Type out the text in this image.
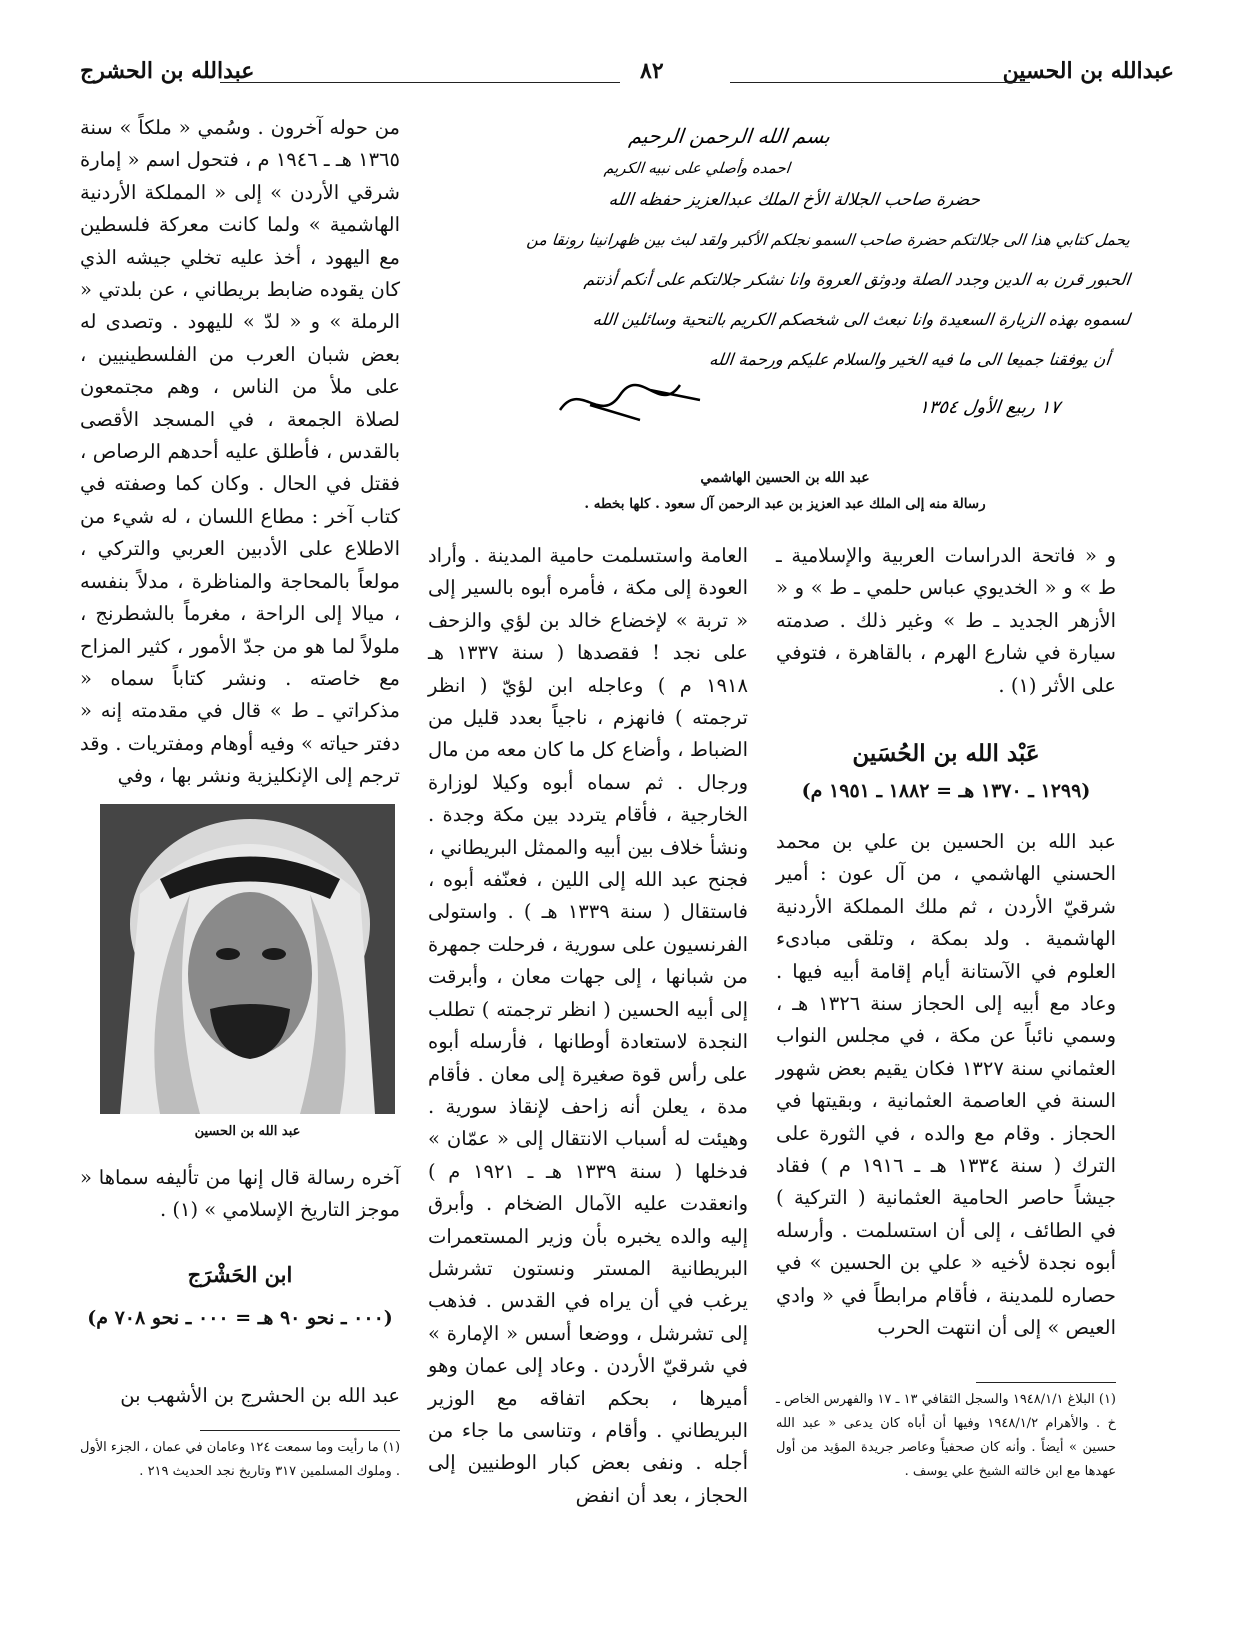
عبدالله بن الحسين
٨٢
عبدالله بن الحشرج
بسم الله الرحمن الرحيم
احمده وأصلي على نبيه الكريم
حضرة صاحب الجلالة الأخ الملك عبدالعزيز حفظه الله
يحمل كتابي هذا الى جلالتكم حضرة صاحب السمو نجلكم الأكبر ولقد لبث بين ظهرانينا رونقا من
الحبور قرن به الدين وجدد الصلة ودوثق العروة وانا نشكر جلالتكم على أنكم أذنتم
لسموه بهذه الزيارة السعيدة وانا نبعث الى شخصكم الكريم بالتحية وسائلين الله
أن يوفقنا جميعا الى ما فيه الخير والسلام عليكم ورحمة الله
١٧ ربيع الأول ١٣٥٤
عبد الله بن الحسين الهاشمي
رسالة منه إلى الملك عبد العزيز بن عبد الرحمن آل سعود . كلها بخطه .

من حوله آخرون . وسُمي « ملكاً » سنة ١٣٦٥ هـ ـ ١٩٤٦ م ، فتحول اسم « إمارة شرقي الأردن » إلى « المملكة الأردنية الهاشمية » ولما كانت معركة فلسطين مع اليهود ، أخذ عليه تخلي جيشه الذي كان يقوده ضابط بريطاني ، عن بلدتي « الرملة » و « لدّ » لليهود . وتصدى له بعض شبان العرب من الفلسطينيين ، على ملأ من الناس ، وهم مجتمعون لصلاة الجمعة ، في المسجد الأقصى بالقدس ، فأطلق عليه أحدهم الرصاص ، فقتل في الحال . وكان كما وصفته في كتاب آخر : مطاع اللسان ، له شيء من الاطلاع على الأدبين العربي والتركي ، مولعاً بالمحاجة والمناظرة ، مدلاً بنفسه ، ميالا إلى الراحة ، مغرماً بالشطرنج ، ملولاً لما هو من جدّ الأمور ، كثير المزاح مع خاصته . ونشر كتاباً سماه « مذكراتي ـ ط » قال في مقدمته إنه « دفتر حياته » وفيه أوهام ومفتريات . وقد ترجم إلى الإنكليزية ونشر بها ، وفي

عبد الله بن الحسين

آخره رسالة قال إنها من تأليفه سماها « موجز التاريخ الإسلامي » (١) .

ابن الحَشْرَج
(٠٠٠ ـ نحو ٩٠ هـ = ٠٠٠ ـ نحو ٧٠٨ م)

عبد الله بن الحشرج بن الأشهب بن

(١) ما رأيت وما سمعت ١٢٤ وعامان في عمان ، الجزء الأول . وملوك المسلمين ٣١٧ وتاريخ نجد الحديث ٢١٩ .

العامة واستسلمت حامية المدينة . وأراد العودة إلى مكة ، فأمره أبوه بالسير إلى « تربة » لإخضاع خالد بن لؤي والزحف على نجد ! فقصدها ( سنة ١٣٣٧ هـ ١٩١٨ م ) وعاجله ابن لؤيّ ( انظر ترجمته ) فانهزم ، ناجياً بعدد قليل من الضباط ، وأضاع كل ما كان معه من مال ورجال . ثم سماه أبوه وكيلا لوزارة الخارجية ، فأقام يتردد بين مكة وجدة . ونشأ خلاف بين أبيه والممثل البريطاني ، فجنح عبد الله إلى اللين ، فعنّفه أبوه ، فاستقال ( سنة ١٣٣٩ هـ ) . واستولى الفرنسيون على سورية ، فرحلت جمهرة من شبانها ، إلى جهات معان ، وأبرقت إلى أبيه الحسين ( انظر ترجمته ) تطلب النجدة لاستعادة أوطانها ، فأرسله أبوه على رأس قوة صغيرة إلى معان . فأقام مدة ، يعلن أنه زاحف لإنقاذ سورية . وهيئت له أسباب الانتقال إلى « عمّان » فدخلها ( سنة ١٣٣٩ هـ ـ ١٩٢١ م ) وانعقدت عليه الآمال الضخام . وأبرق إليه والده يخبره بأن وزير المستعمرات البريطانية المستر ونستون تشرشل يرغب في أن يراه في القدس . فذهب إلى تشرشل ، ووضعا أسس « الإمارة » في شرقيّ الأردن . وعاد إلى عمان وهو أميرها ، بحكم اتفاقه مع الوزير البريطاني . وأقام ، وتناسى ما جاء من أجله . ونفى بعض كبار الوطنيين إلى الحجاز ، بعد أن انفض

و « فاتحة الدراسات العربية والإسلامية ـ ط » و « الخديوي عباس حلمي ـ ط » و « الأزهر الجديد ـ ط » وغير ذلك . صدمته سيارة في شارع الهرم ، بالقاهرة ، فتوفي على الأثر (١) .

عَبْد الله بن الحُسَين
(١٢٩٩ ـ ١٣٧٠ هـ = ١٨٨٢ ـ ١٩٥١ م)

عبد الله بن الحسين بن علي بن محمد الحسني الهاشمي ، من آل عون : أمير شرقيّ الأردن ، ثم ملك المملكة الأردنية الهاشمية . ولد بمكة ، وتلقى مبادىء العلوم في الآستانة أيام إقامة أبيه فيها . وعاد مع أبيه إلى الحجاز سنة ١٣٢٦ هـ ، وسمي نائباً عن مكة ، في مجلس النواب العثماني سنة ١٣٢٧ فكان يقيم بعض شهور السنة في العاصمة العثمانية ، وبقيتها في الحجاز . وقام مع والده ، في الثورة على الترك ( سنة ١٣٣٤ هـ ـ ١٩١٦ م ) فقاد جيشاً حاصر الحامية العثمانية ( التركية ) في الطائف ، إلى أن استسلمت . وأرسله أبوه نجدة لأخيه « علي بن الحسين » في حصاره للمدينة ، فأقام مرابطاً في « وادي العيص » إلى أن انتهت الحرب

(١) البلاغ ١٩٤٨/١/١ والسجل الثقافي ١٣ ـ ١٧ والفهرس الخاص ـ خ . والأهرام ١٩٤٨/١/٢ وفيها أن أباه كان يدعى « عبد الله حسين » أيضاً . وأنه كان صحفياً وعاصر جريدة المؤيد من أول عهدها مع ابن خالته الشيخ علي يوسف .
